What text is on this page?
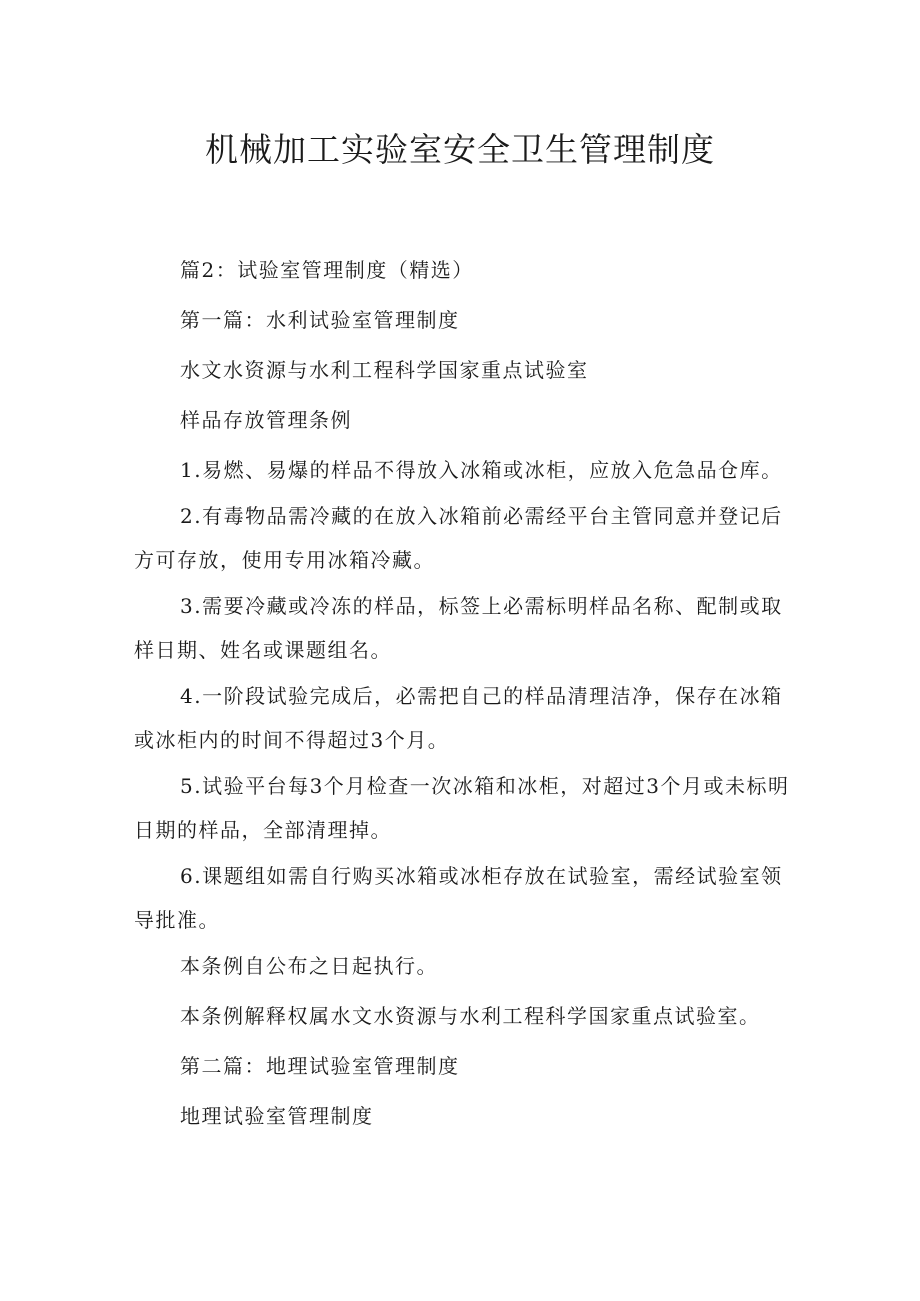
机械加工实验室安全卫生管理制度

篇2：试验室管理制度（精选）

第一篇：水利试验室管理制度

水文水资源与水利工程科学国家重点试验室

样品存放管理条例

1.易燃、易爆的样品不得放入冰箱或冰柜，应放入危急品仓库。

2.有毒物品需冷藏的在放入冰箱前必需经平台主管同意并登记后方可存放，使用专用冰箱冷藏。

3.需要冷藏或冷冻的样品，标签上必需标明样品名称、配制或取样日期、姓名或课题组名。

4.一阶段试验完成后，必需把自己的样品清理洁净，保存在冰箱或冰柜内的时间不得超过3个月。

5.试验平台每3个月检查一次冰箱和冰柜，对超过3个月或未标明日期的样品，全部清理掉。

6.课题组如需自行购买冰箱或冰柜存放在试验室，需经试验室领导批准。

本条例自公布之日起执行。

本条例解释权属水文水资源与水利工程科学国家重点试验室。

第二篇：地理试验室管理制度

地理试验室管理制度
